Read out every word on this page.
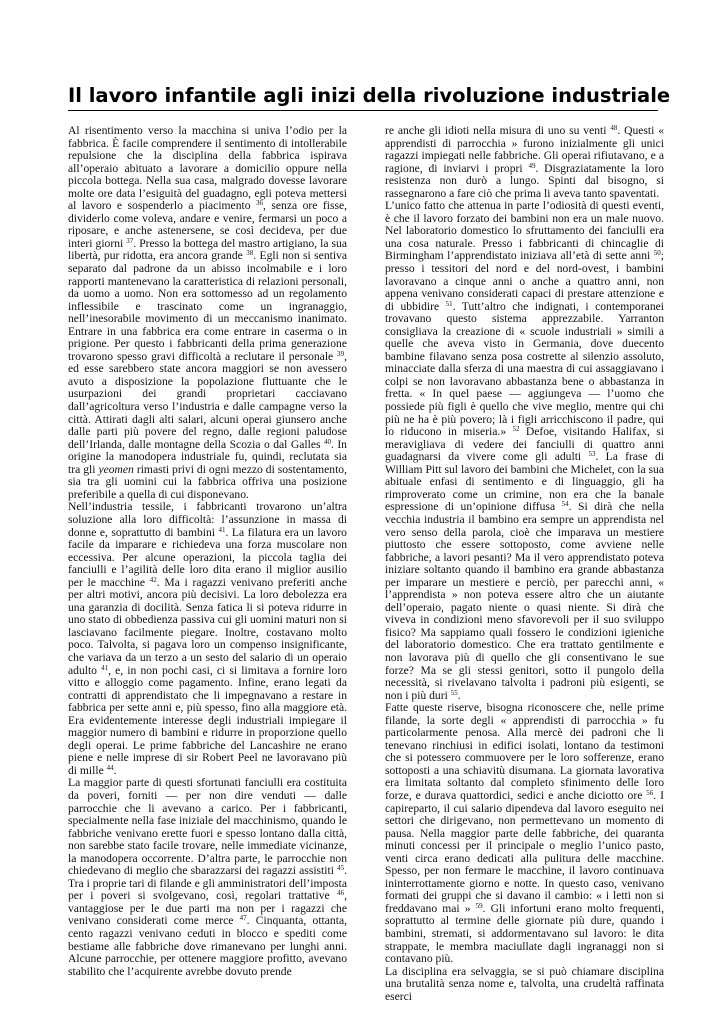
Il lavoro infantile agli inizi della rivoluzione industriale

Al risentimento verso la macchina si univa l’odio per la fabbrica. È facile comprendere il sentimento di intollerabile repulsione che la disciplina della fabbrica ispirava all’operaio abituato a lavorare a domicilio oppure nella piccola bottega. Nella sua casa, malgrado dovesse lavorare molte ore data l’esiguità del guadagno, egli poteva mettersi al lavoro e sospenderlo a piacimento $^{36}$, senza ore fisse, dividerlo come voleva, andare e venire, fermarsi un poco a riposare, e anche astenersene, se così decideva, per due interi giorni $^{37}$. Presso la bottega del mastro artigiano, la sua libertà, pur ridotta, era ancora grande $^{38}$. Egli non si sentiva separato dal padrone da un abisso incolmabile e i loro rapporti mantenevano la caratteristica di relazioni personali, da uomo a uomo. Non era sottomesso ad un regolamento inflessibile e trascinato come un ingranaggio, nell’inesorabile movimento di un meccanismo inanimato. Entrare in una fabbrica era come entrare in caserma o in prigione. Per questo i fabbricanti della prima generazione trovarono spesso gravi difficoltà a reclutare il personale $^{39}$, ed esse sarebbero state ancora maggiori se non avessero avuto a disposizione la popolazione fluttuante che le usurpazioni dei grandi proprietari cacciavano dall’agricoltura verso l’industria e dalle campagne verso la città. Attirati dagli alti salari, alcuni operai giunsero anche dalle parti più povere del regno, dalle regioni paludose dell’Irlanda, dalle montagne della Scozia o dal Galles $^{40}$. In origine la manodopera industriale fu, quindi, reclutata sia tra gli yeomen rimasti privi di ogni mezzo di sostentamento, sia tra gli uomini cui la fabbrica offriva una posizione preferibile a quella di cui disponevano.

Nell’industria tessile, i fabbricanti trovarono un’altra soluzione alla loro difficoltà: l’assunzione in massa di donne e, soprattutto di bambini $^{41}$. La filatura era un lavoro facile da imparare e richiedeva una forza muscolare non eccessiva. Per alcune operazioni, la piccola taglia dei fanciulli e l’agilità delle loro dita erano il miglior ausilio per le macchine $^{42}$. Ma i ragazzi venivano preferiti anche per altri motivi, ancora più decisivi. La loro debolezza era una garanzia di docilità. Senza fatica li si poteva ridurre in uno stato di obbedienza passiva cui gli uomini maturi non si lasciavano facilmente piegare. Inoltre, costavano molto poco. Talvolta, si pagava loro un compenso insignificante, che variava da un terzo a un sesto del salario di un operaio adulto $^{41}$, e, in non pochi casi, ci si limitava a fornire loro vitto e alloggio come pagamento. Infine, erano legati da contratti di apprendistato che li impegnavano a restare in fabbrica per sette anni e, più spesso, fino alla maggiore età. Era evidentemente interesse degli industriali impiegare il maggior numero di bambini e ridurre in proporzione quello degli operai. Le prime fabbriche del Lancashire ne erano piene e nelle imprese di sir Robert Peel ne lavoravano più di mille $^{44}$.

La maggior parte di questi sfortunati fanciulli era costituita da poveri, forniti — per non dire venduti — dalle parrocchie che li avevano a carico. Per i fabbricanti, specialmente nella fase iniziale del macchinismo, quando le fabbriche venivano erette fuori e spesso lontano dalla città, non sarebbe stato facile trovare, nelle immediate vicinanze, la manodopera occorrente. D’altra parte, le parrocchie non chiedevano di meglio che sbarazzarsi dei ragazzi assistiti $^{45}$. Tra i proprie tari di filande e gli amministratori dell’imposta per i poveri si svolgevano, così, regolari trattative $^{46}$, vantaggiose per le due parti ma non per i ragazzi che venivano considerati come merce $^{47}$. Cinquanta, ottanta, cento ragazzi venivano ceduti in blocco e spediti come bestiame alle fabbriche dove rimanevano per lunghi anni. Alcune parrocchie, per ottenere maggiore profitto, avevano stabilito che l’acquirente avrebbe dovuto prende

re anche gli idioti nella misura di uno su venti $^{48}$. Questi « apprendisti di parrocchia » furono inizialmente gli unici ragazzi impiegati nelle fabbriche. Gli operai rifiutavano, e a ragione, di inviarvi i propri $^{49}$. Disgraziatamente la loro resistenza non durò a lungo. Spinti dal bisogno, si rassegnarono a fare ciò che prima li aveva tanto spaventati.

L’unico fatto che attenua in parte l’odiosità di questi eventi, è che il lavoro forzato dei bambini non era un male nuovo. Nel laboratorio domestico lo sfruttamento dei fanciulli era una cosa naturale. Presso i fabbricanti di chincaglie di Birmingham l’apprendistato iniziava all’età di sette anni $^{50}$; presso i tessitori del nord e del nord-ovest, i bambini lavoravano a cinque anni o anche a quattro anni, non appena venivano considerati capaci di prestare attenzione e di ubbidire $^{51}$. Tutt’altro che indignati, i contemporanei trovavano questo sistema apprezzabile. Yarranton consigliava la creazione di « scuole industriali » simili a quelle che aveva visto in Germania, dove duecento bambine filavano senza posa costrette al silenzio assoluto, minacciate dalla sferza di una maestra di cui assaggiavano i colpi se non lavoravano abbastanza bene o abbastanza in fretta. « In quel paese — aggiungeva — l’uomo che possiede più figli è quello che vive meglio, mentre qui chi più ne ha è più povero; là i figli arricchiscono il padre, qui lo riducono in miseria.» $^{52}$ Defoe, visitando Halifax, si meravigliava di vedere dei fanciulli di quattro anni guadagnarsi da vivere come gli adulti $^{53}$. La frase di William Pitt sul lavoro dei bambini che Michelet, con la sua abituale enfasi di sentimento e di linguaggio, gli ha rimproverato come un crimine, non era che la banale espressione di un’opinione diffusa $^{54}$. Si dirà che nella vecchia industria il bambino era sempre un apprendista nel vero senso della parola, cioè che imparava un mestiere piuttosto che essere sottoposto, come avviene nelle fabbriche, a lavori pesanti? Ma il vero apprendistato poteva iniziare soltanto quando il bambino era grande abbastanza per imparare un mestiere e perciò, per parecchi anni, « l’apprendista » non poteva essere altro che un aiutante dell’operaio, pagato niente o quasi niente. Si dirà che viveva in condizioni meno sfavorevoli per il suo sviluppo fisico? Ma sappiamo quali fossero le condizioni igieniche del laboratorio domestico. Che era trattato gentilmente e non lavorava più di quello che gli consentivano le sue forze? Ma se gli stessi genitori, sotto il pungolo della necessità, si rivelavano talvolta i padroni più esigenti, se non i più duri $^{55}$.

Fatte queste riserve, bisogna riconoscere che, nelle prime filande, la sorte degli « apprendisti di parrocchia » fu particolarmente penosa. Alla mercè dei padroni che li tenevano rinchiusi in edifici isolati, lontano da testimoni che si potessero commuovere per le loro sofferenze, erano sottoposti a una schiavitù disumana. La giornata lavorativa era limitata soltanto dal completo sfinimento delle loro forze, e durava quattordici, sedici e anche diciotto ore $^{56}$. I capireparto, il cui salario dipendeva dal lavoro eseguito nei settori che dirigevano, non permettevano un momento di pausa. Nella maggior parte delle fabbriche, dei quaranta minuti concessi per il principale o meglio l’unico pasto, venti circa erano dedicati alla pulitura delle macchine. Spesso, per non fermare le macchine, il lavoro continuava ininterrottamente giorno e notte. In questo caso, venivano formati dei gruppi che si davano il cambio: « i letti non si freddavano mai » $^{59}$. Gli infortuni erano molto frequenti, soprattutto al termine delle giornate più dure, quando i bambini, stremati, si addormentavano sul lavoro: le dita strappate, le membra maciullate dagli ingranaggi non si contavano più.

La disciplina era selvaggia, se si può chiamare disciplina una brutalità senza nome e, talvolta, una crudeltà raffinata eserci
